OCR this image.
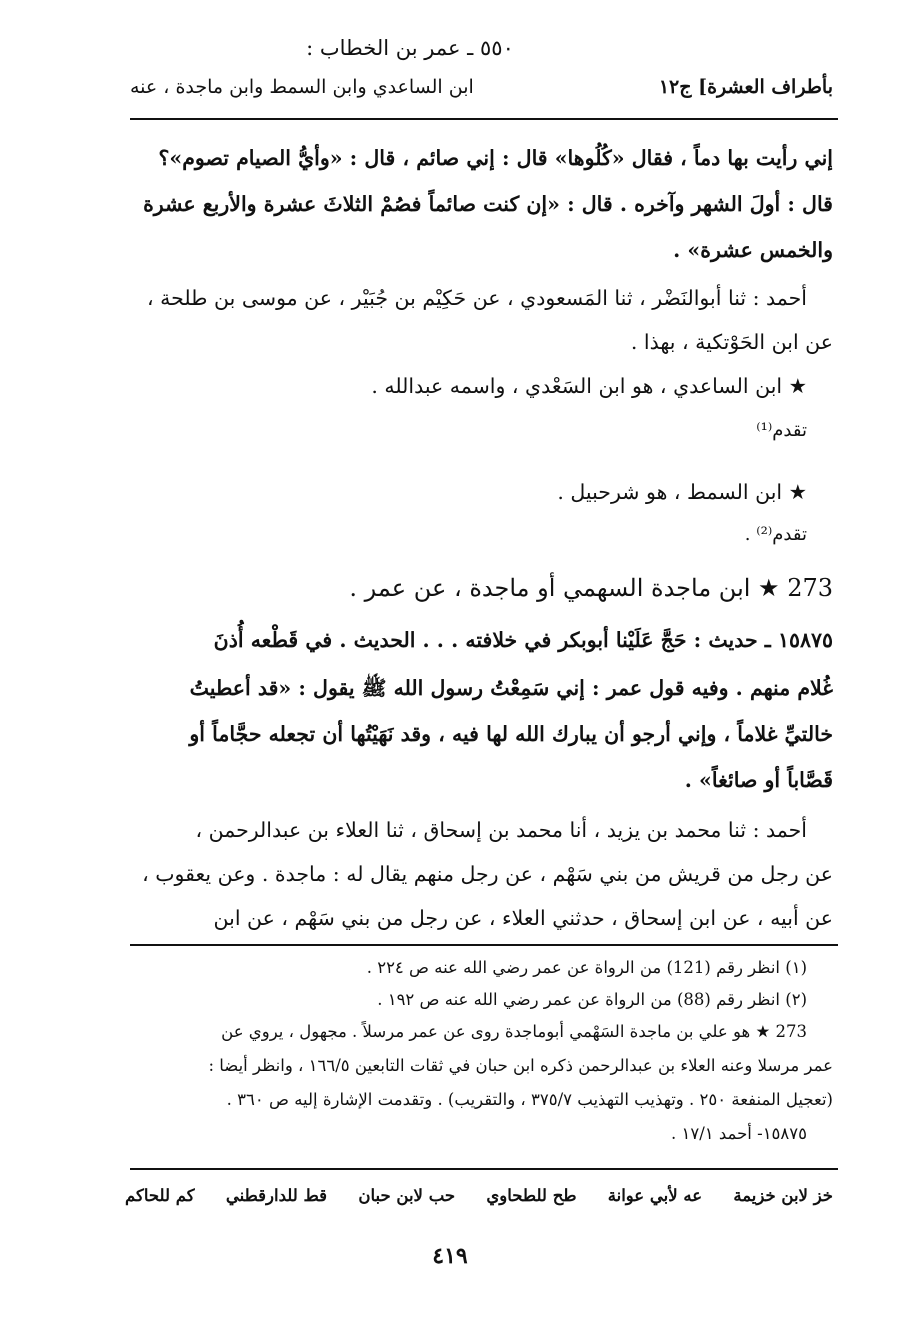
٥٥٠ ـ عمر بن الخطاب :
بأطراف العشرة] ج١٢
ابن الساعدي وابن السمط وابن ماجدة ، عنه
إني رأيت بها دماً ، فقال «كُلُوها» قال : إني صائم ، قال : «وأيُّ الصيام تصوم»؟
قال : أولَ الشهر وآخره . قال : «إن كنت صائماً فصُمْ الثلاثَ عشرة والأربع عشرة
والخمس عشرة» .
أحمد : ثنا أبوالنَضْر ، ثنا المَسعودي ، عن حَكِيْم بن جُبَيْر ، عن موسى بن طلحة ،
عن ابن الحَوْتكية ، بهذا .
★ ابن الساعدي ، هو ابن السَعْدي ، واسمه عبدالله .
تقدم⁽¹⁾
★ ابن السمط ، هو شرحبيل .
تقدم⁽²⁾ .
273 ★ ابن ماجدة السهمي أو ماجدة ، عن عمر .
١٥٨٧٥ ـ حديث : حَجَّ عَلَيْنا أبوبكر في خلافته . . . الحديث . في قَطْعه أُذنَ
غُلام منهم . وفيه قول عمر : إني سَمِعْتُ رسول الله ﷺ يقول : «قد أعطيتُ
خالتيِّ غلاماً ، وإني أرجو أن يبارك الله لها فيه ، وقد نَهَيْتُها أن تجعله حجَّاماً أو
قَصَّاباً أو صائغاً» .
أحمد : ثنا محمد بن يزيد ، أنا محمد بن إسحاق ، ثنا العلاء بن عبدالرحمن ،
عن رجل من قريش من بني سَهْم ، عن رجل منهم يقال له : ماجدة . وعن يعقوب ،
عن أبيه ، عن ابن إسحاق ، حدثني العلاء ، عن رجل من بني سَهْم ، عن ابن
(١) انظر رقم (121) من الرواة عن عمر رضي الله عنه ص ٢٢٤ .
(٢) انظر رقم (88) من الرواة عن عمر رضي الله عنه ص ١٩٢ .
273 ★ هو علي بن ماجدة السَهْمي أبوماجدة روى عن عمر مرسلاً . مجهول ، يروي عن
عمر مرسلا وعنه العلاء بن عبدالرحمن ذكره ابن حبان في ثقات التابعين ١٦٦/٥ ، وانظر أيضا :
(تعجيل المنفعة ٢٥٠ . وتهذيب التهذيب ٣٧٥/٧ ، والتقريب) . وتقدمت الإشارة إليه ص ٣٦٠ .
١٥٨٧٥- أحمد ١٧/١ .
خز لابن خزيمة
عه لأبي عوانة
طح للطحاوي
حب لابن حبان
قط للدارقطني
كم للحاكم
٤١٩
